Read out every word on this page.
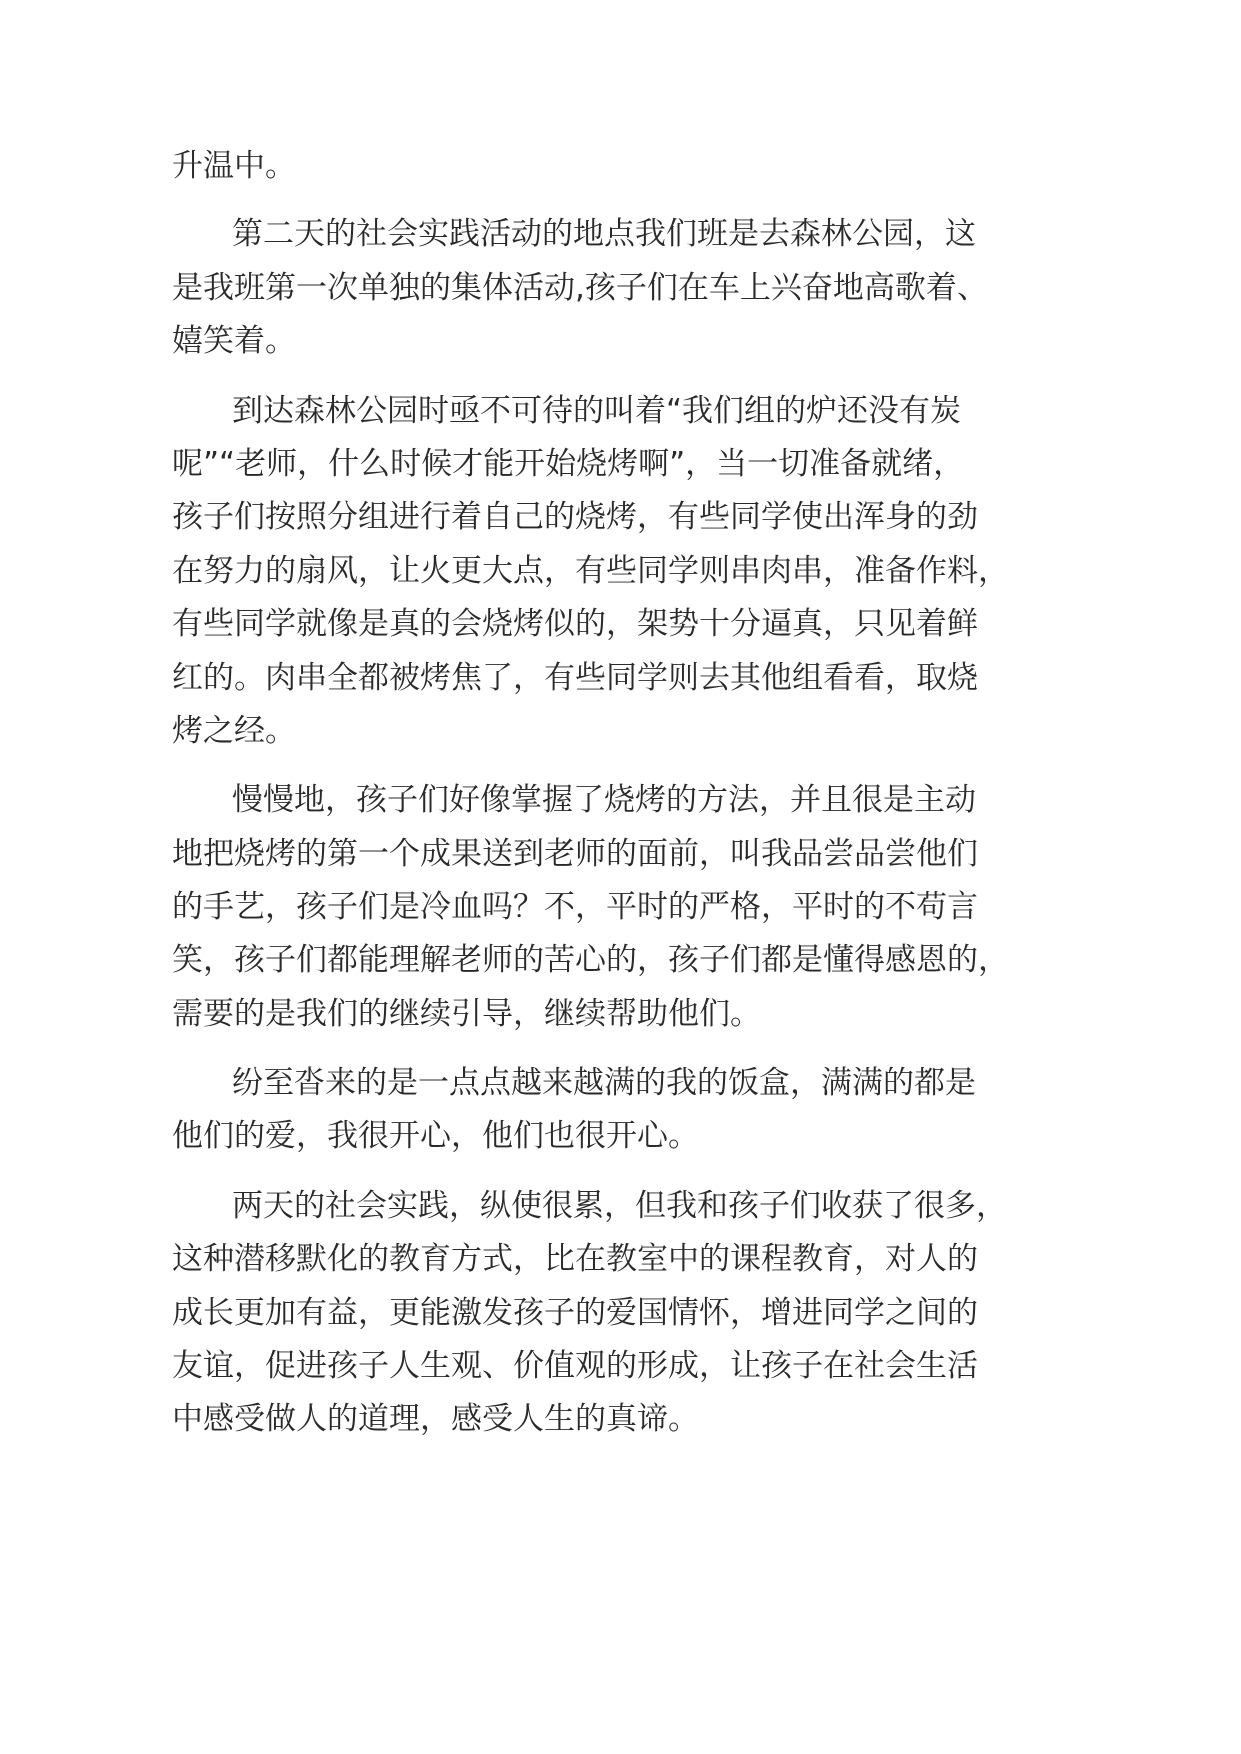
升温中。
第二天的社会实践活动的地点我们班是去森林公园，这
是我班第一次单独的集体活动,孩子们在车上兴奋地高歌着、
嬉笑着。
到达森林公园时亟不可待的叫着“我们组的炉还没有炭
呢”“老师，什么时候才能开始烧烤啊”，当一切准备就绪，
孩子们按照分组进行着自己的烧烤，有些同学使出浑身的劲
在努力的扇风，让火更大点，有些同学则串肉串，准备作料，
有些同学就像是真的会烧烤似的，架势十分逼真，只见着鲜
红的。肉串全都被烤焦了，有些同学则去其他组看看，取烧
烤之经。
慢慢地，孩子们好像掌握了烧烤的方法，并且很是主动
地把烧烤的第一个成果送到老师的面前，叫我品尝品尝他们
的手艺，孩子们是冷血吗？不，平时的严格，平时的不苟言
笑，孩子们都能理解老师的苦心的，孩子们都是懂得感恩的，
需要的是我们的继续引导，继续帮助他们。
纷至沓来的是一点点越来越满的我的饭盒，满满的都是
他们的爱，我很开心，他们也很开心。
两天的社会实践，纵使很累，但我和孩子们收获了很多，
这种潜移默化的教育方式，比在教室中的课程教育，对人的
成长更加有益，更能激发孩子的爱国情怀，增进同学之间的
友谊，促进孩子人生观、价值观的形成，让孩子在社会生活
中感受做人的道理，感受人生的真谛。
